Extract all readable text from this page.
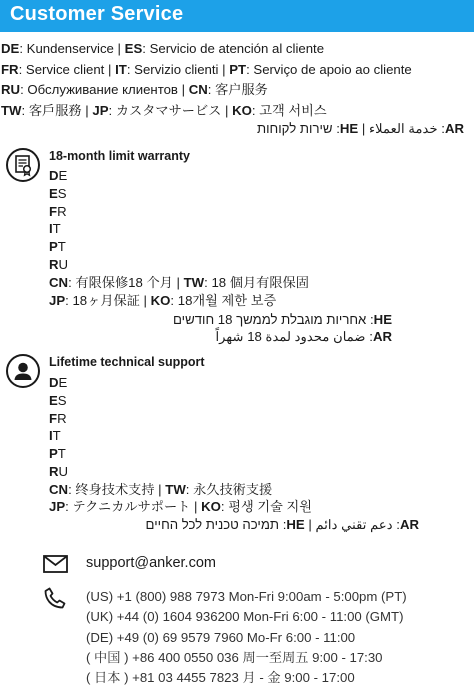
Customer Service
DE: Kundenservice | ES: Servicio de atención al cliente
FR: Service client | IT: Servizio clienti | PT: Serviço de apoio ao cliente
RU: Обслуживание клиентов | CN: 客户服务
TW: 客戶服務 | JP: カスタマサービス | KO: 고객 서비스
AR: خدمة العملاء | HE: שירות לקוחות
18-month limit warranty
DE
ES
FR
IT
PT
RU
CN: 有限保修18 个月 | TW: 18 個月有限保固
JP: 18ヶ月保証 | KO: 18개월 제한 보증
HE: אחריות מוגבלת לממשך 18 חודשים
AR: ضمان محدود لمدة 18 شهراً
Lifetime technical support
DE
ES
FR
IT
PT
RU
CN: 终身技术支持 | TW: 永久技術支援
JP: テクニカルサポート | KO: 평생 기술 지원
AR: دعم تقني دائم | HE: תמיכה טכנית לכל החיים
support@anker.com
(US) +1 (800) 988 7973 Mon-Fri 9:00am - 5:00pm (PT)
(UK) +44 (0) 1604 936200 Mon-Fri 6:00 - 11:00 (GMT)
(DE) +49 (0) 69 9579 7960 Mo-Fr 6:00 - 11:00
( 中国 ) +86 400 0550 036 周一至周五 9:00 - 17:30
( 日本 ) +81 03 4455 7823 月 - 金 9:00 - 17:00
